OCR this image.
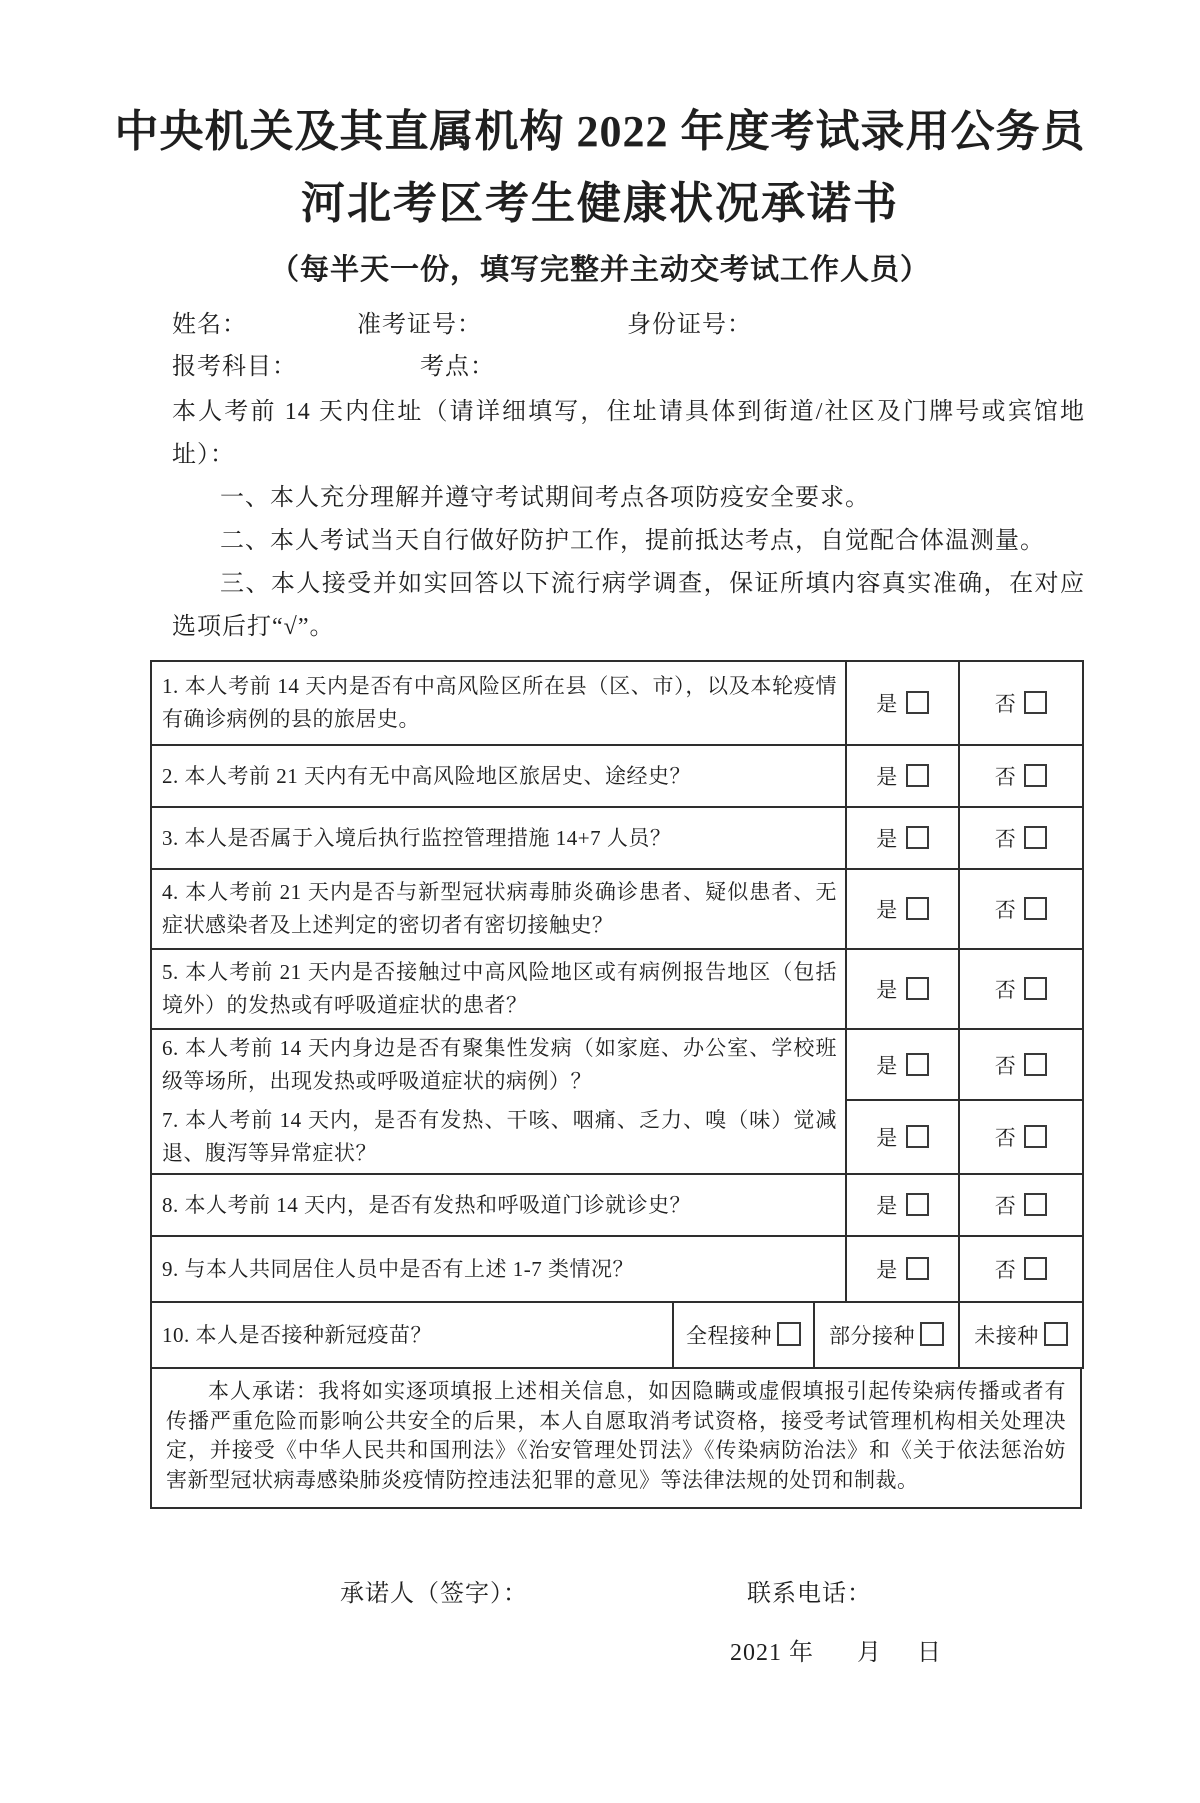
中央机关及其直属机构 2022 年度考试录用公务员
河北考区考生健康状况承诺书
（每半天一份，填写完整并主动交考试工作人员）
姓名：	准考证号：	身份证号：
报考科目：	考点：
本人考前 14 天内住址（请详细填写，住址请具体到街道/社区及门牌号或宾馆地址）：

一、本人充分理解并遵守考试期间考点各项防疫安全要求。

二、本人考试当天自行做好防护工作，提前抵达考点，自觉配合体温测量。

三、本人接受并如实回答以下流行病学调查，保证所填内容真实准确，在对应选项后打“√”。

1. 本人考前 14 天内是否有中高风险区所在县（区、市），以及本轮疫情有确诊病例的县的旅居史。	是	否
2. 本人考前 21 天内有无中高风险地区旅居史、途经史？	是	否
3. 本人是否属于入境后执行监控管理措施 14+7 人员？	是	否
4. 本人考前 21 天内是否与新型冠状病毒肺炎确诊患者、疑似患者、无症状感染者及上述判定的密切者有密切接触史？	是	否
5. 本人考前 21 天内是否接触过中高风险地区或有病例报告地区（包括境外）的发热或有呼吸道症状的患者？	是	否
6. 本人考前 14 天内身边是否有聚集性发病（如家庭、办公室、学校班级等场所，出现发热或呼吸道症状的病例）？	是	否
7. 本人考前 14 天内，是否有发热、干咳、咽痛、乏力、嗅（味）觉减退、腹泻等异常症状？	是	否
8. 本人考前 14 天内，是否有发热和呼吸道门诊就诊史？	是	否
9. 与本人共同居住人员中是否有上述 1-7 类情况？	是	否
10. 本人是否接种新冠疫苗？	全程接种	部分接种	未接种
本人承诺：我将如实逐项填报上述相关信息，如因隐瞒或虚假填报引起传染病传播或者有传播严重危险而影响公共安全的后果，本人自愿取消考试资格，接受考试管理机构相关处理决定，并接受《中华人民共和国刑法》《治安管理处罚法》《传染病防治法》和《关于依法惩治妨害新型冠状病毒感染肺炎疫情防控违法犯罪的意见》等法律法规的处罚和制裁。
承诺人（签字）：	联系电话：
2021 年 月 日
